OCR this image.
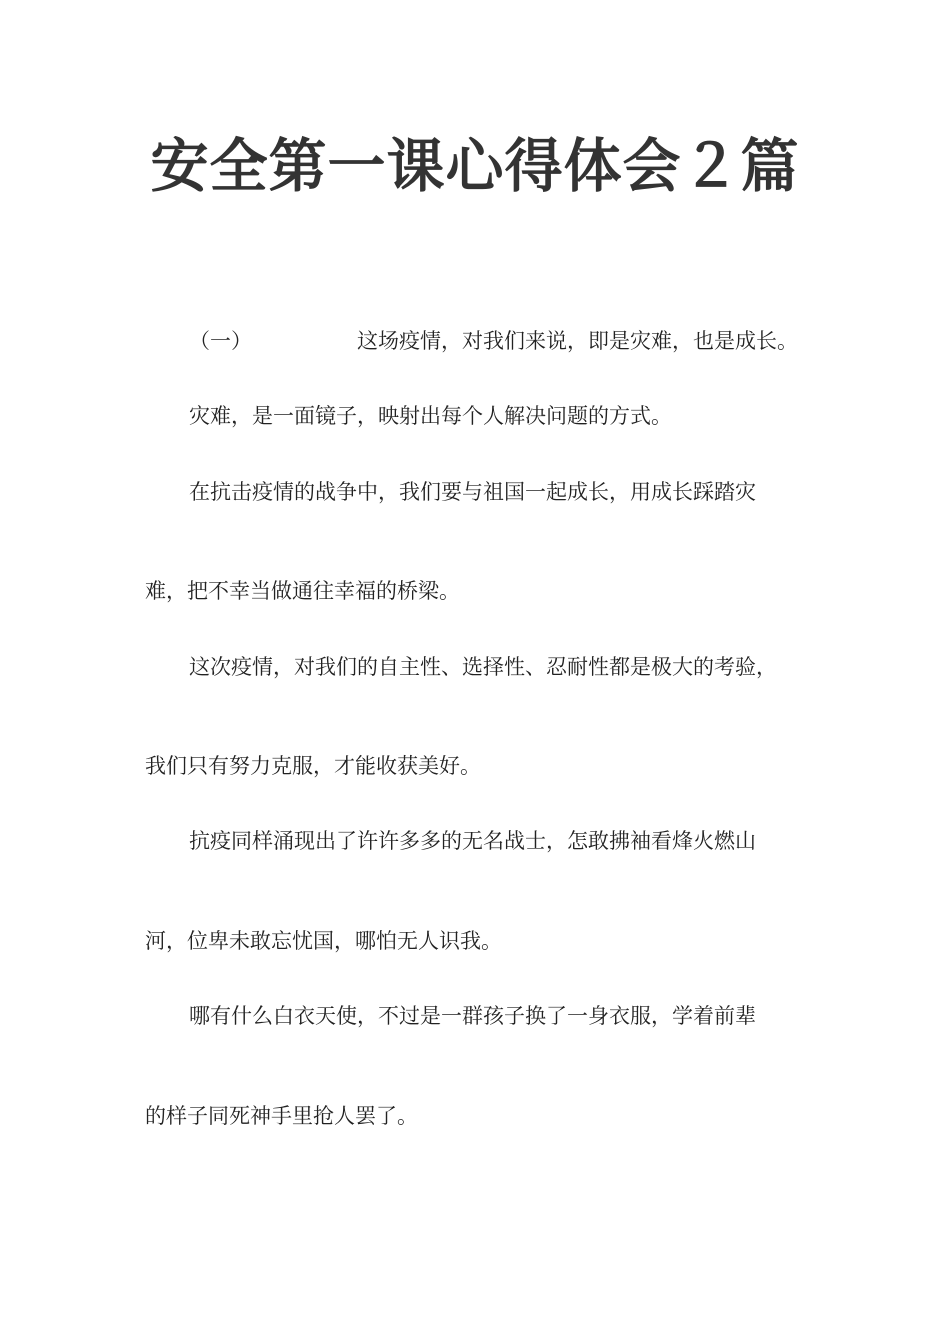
安全第一课心得体会２篇
（一）	这场疫情，对我们来说，即是灾难，也是成长。
灾难，是一面镜子，映射出每个人解决问题的方式。
在抗击疫情的战争中，我们要与祖国一起成长，用成长踩踏灾
难，把不幸当做通往幸福的桥梁。
这次疫情，对我们的自主性、选择性、忍耐性都是极大的考验，
我们只有努力克服，才能收获美好。
抗疫同样涌现出了许许多多的无名战士，怎敢拂袖看烽火燃山
河，位卑未敢忘忧国，哪怕无人识我。
哪有什么白衣天使，不过是一群孩子换了一身衣服，学着前辈
的样子同死神手里抢人罢了。
